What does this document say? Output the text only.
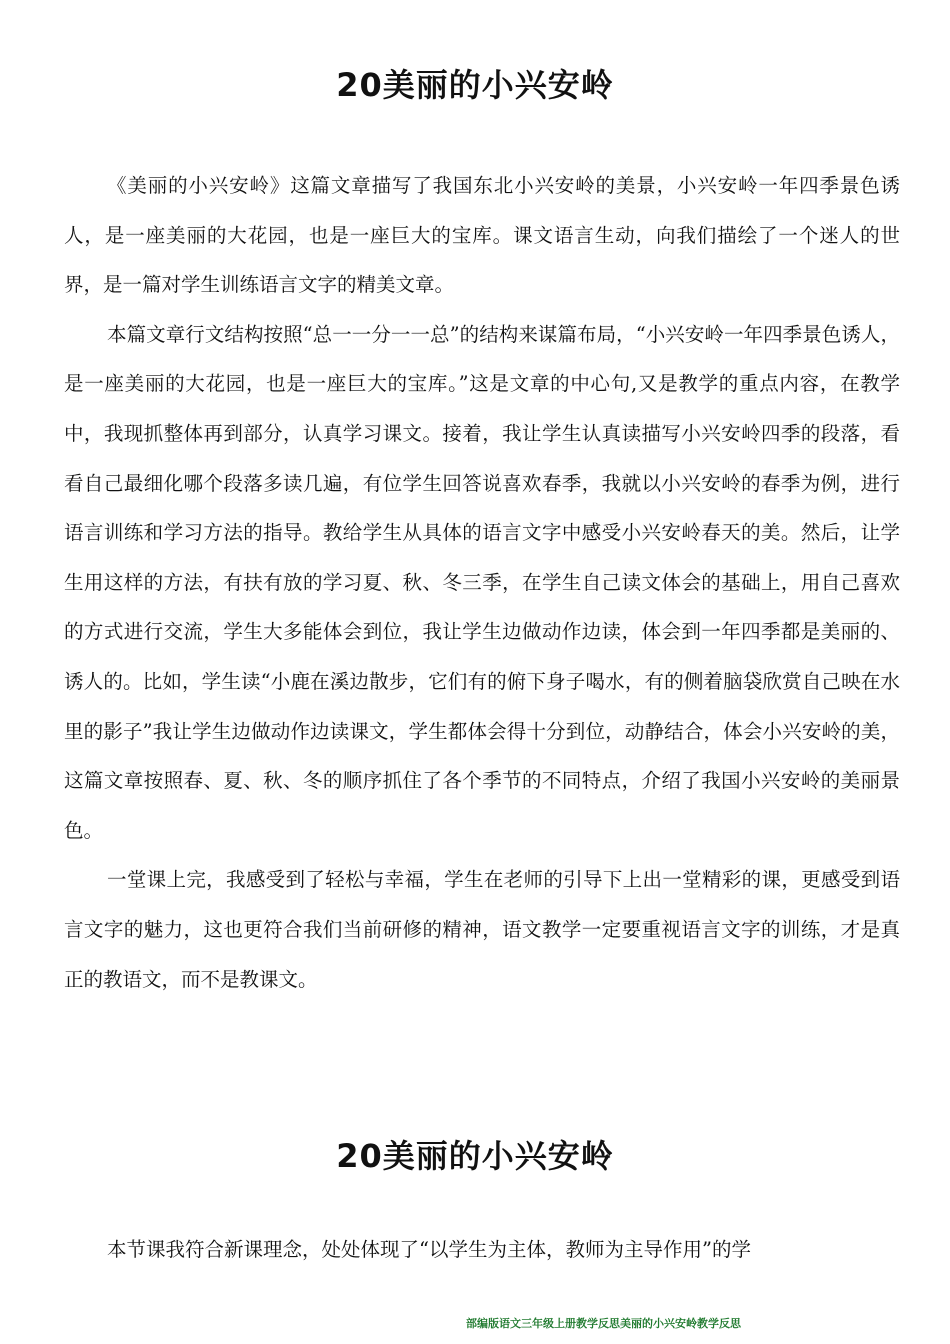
20美丽的小兴安岭

《美丽的小兴安岭》这篇文章描写了我国东北小兴安岭的美景，小兴安岭一年四季景色诱人，是一座美丽的大花园，也是一座巨大的宝库。课文语言生动，向我们描绘了一个迷人的世界，是一篇对学生训练语言文字的精美文章。

本篇文章行文结构按照“总一一分一一总”的结构来谋篇布局，“小兴安岭一年四季景色诱人，是一座美丽的大花园，也是一座巨大的宝库。”这是文章的中心句,又是教学的重点内容，在教学中，我现抓整体再到部分，认真学习课文。接着，我让学生认真读描写小兴安岭四季的段落，看看自己最细化哪个段落多读几遍，有位学生回答说喜欢春季，我就以小兴安岭的春季为例，进行语言训练和学习方法的指导。教给学生从具体的语言文字中感受小兴安岭春天的美。然后，让学生用这样的方法，有扶有放的学习夏、秋、冬三季，在学生自己读文体会的基础上，用自己喜欢的方式进行交流，学生大多能体会到位，我让学生边做动作边读，体会到一年四季都是美丽的、诱人的。比如，学生读“小鹿在溪边散步，它们有的俯下身子喝水，有的侧着脑袋欣赏自己映在水里的影子”我让学生边做动作边读课文，学生都体会得十分到位，动静结合，体会小兴安岭的美，这篇文章按照春、夏、秋、冬的顺序抓住了各个季节的不同特点，介绍了我国小兴安岭的美丽景色。

一堂课上完，我感受到了轻松与幸福，学生在老师的引导下上出一堂精彩的课，更感受到语言文字的魅力，这也更符合我们当前研修的精神，语文教学一定要重视语言文字的训练，才是真正的教语文，而不是教课文。

20美丽的小兴安岭

本节课我符合新课理念，处处体现了“以学生为主体，教师为主导作用”的学

部编版语文三年级上册教学反思美丽的小兴安岭教学反思
